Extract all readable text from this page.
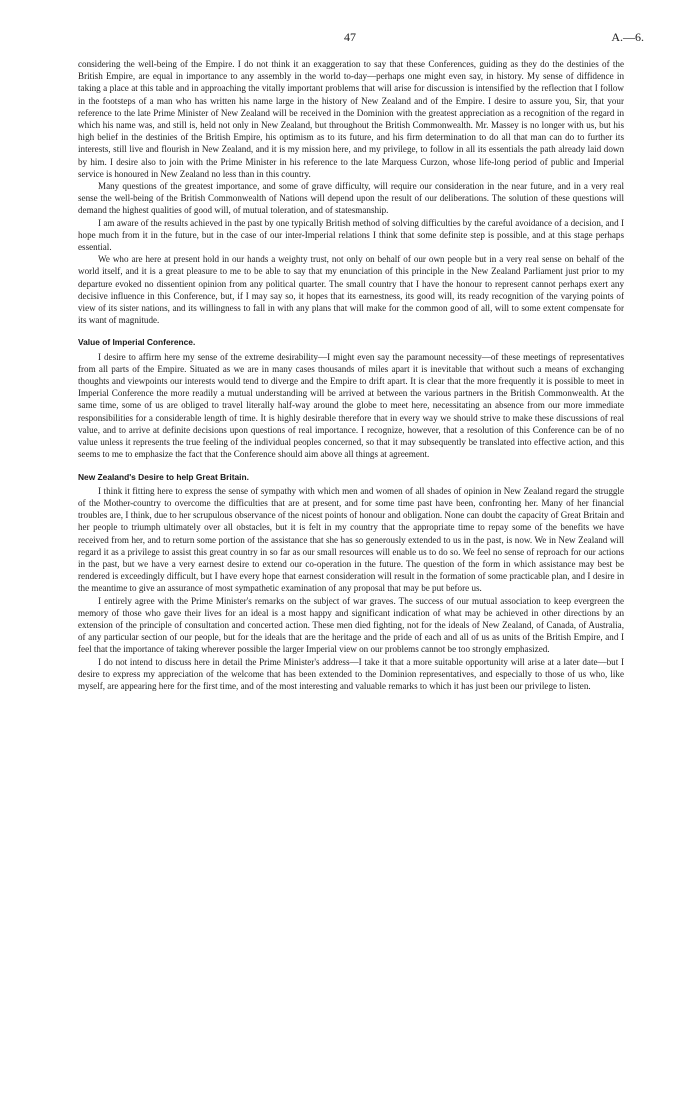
47	A.—6.

considering the well-being of the Empire. I do not think it an exaggeration to say that these Conferences, guiding as they do the destinies of the British Empire, are equal in importance to any assembly in the world to-day—perhaps one might even say, in history. My sense of diffidence in taking a place at this table and in approaching the vitally important problems that will arise for discussion is intensified by the reflection that I follow in the footsteps of a man who has written his name large in the history of New Zealand and of the Empire. I desire to assure you, Sir, that your reference to the late Prime Minister of New Zealand will be received in the Dominion with the greatest appreciation as a recognition of the regard in which his name was, and still is, held not only in New Zealand, but throughout the British Commonwealth. Mr. Massey is no longer with us, but his high belief in the destinies of the British Empire, his optimism as to its future, and his firm determination to do all that man can do to further its interests, still live and flourish in New Zealand, and it is my mission here, and my privilege, to follow in all its essentials the path already laid down by him. I desire also to join with the Prime Minister in his reference to the late Marquess Curzon, whose life-long period of public and Imperial service is honoured in New Zealand no less than in this country.

Many questions of the greatest importance, and some of grave difficulty, will require our consideration in the near future, and in a very real sense the well-being of the British Commonwealth of Nations will depend upon the result of our deliberations. The solution of these questions will demand the highest qualities of good will, of mutual toleration, and of statesmanship.

I am aware of the results achieved in the past by one typically British method of solving difficulties by the careful avoidance of a decision, and I hope much from it in the future, but in the case of our inter-Imperial relations I think that some definite step is possible, and at this stage perhaps essential.

We who are here at present hold in our hands a weighty trust, not only on behalf of our own people but in a very real sense on behalf of the world itself, and it is a great pleasure to me to be able to say that my enunciation of this principle in the New Zealand Parliament just prior to my departure evoked no dissentient opinion from any political quarter. The small country that I have the honour to represent cannot perhaps exert any decisive influence in this Conference, but, if I may say so, it hopes that its earnestness, its good will, its ready recognition of the varying points of view of its sister nations, and its willingness to fall in with any plans that will make for the common good of all, will to some extent compensate for its want of magnitude.

Value of Imperial Conference.

I desire to affirm here my sense of the extreme desirability—I might even say the paramount necessity—of these meetings of representatives from all parts of the Empire. Situated as we are in many cases thousands of miles apart it is inevitable that without such a means of exchanging thoughts and viewpoints our interests would tend to diverge and the Empire to drift apart. It is clear that the more frequently it is possible to meet in Imperial Conference the more readily a mutual understanding will be arrived at between the various partners in the British Commonwealth. At the same time, some of us are obliged to travel literally half-way around the globe to meet here, necessitating an absence from our more immediate responsibilities for a considerable length of time. It is highly desirable therefore that in every way we should strive to make these discussions of real value, and to arrive at definite decisions upon questions of real importance. I recognize, however, that a resolution of this Conference can be of no value unless it represents the true feeling of the individual peoples concerned, so that it may subsequently be translated into effective action, and this seems to me to emphasize the fact that the Conference should aim above all things at agreement.

New Zealand's Desire to help Great Britain.

I think it fitting here to express the sense of sympathy with which men and women of all shades of opinion in New Zealand regard the struggle of the Mother-country to overcome the difficulties that are at present, and for some time past have been, confronting her. Many of her financial troubles are, I think, due to her scrupulous observance of the nicest points of honour and obligation. None can doubt the capacity of Great Britain and her people to triumph ultimately over all obstacles, but it is felt in my country that the appropriate time to repay some of the benefits we have received from her, and to return some portion of the assistance that she has so generously extended to us in the past, is now. We in New Zealand will regard it as a privilege to assist this great country in so far as our small resources will enable us to do so. We feel no sense of reproach for our actions in the past, but we have a very earnest desire to extend our co-operation in the future. The question of the form in which assistance may best be rendered is exceedingly difficult, but I have every hope that earnest consideration will result in the formation of some practicable plan, and I desire in the meantime to give an assurance of most sympathetic examination of any proposal that may be put before us.

I entirely agree with the Prime Minister's remarks on the subject of war graves. The success of our mutual association to keep evergreen the memory of those who gave their lives for an ideal is a most happy and significant indication of what may be achieved in other directions by an extension of the principle of consultation and concerted action. These men died fighting, not for the ideals of New Zealand, of Canada, of Australia, of any particular section of our people, but for the ideals that are the heritage and the pride of each and all of us as units of the British Empire, and I feel that the importance of taking wherever possible the larger Imperial view on our problems cannot be too strongly emphasized.

I do not intend to discuss here in detail the Prime Minister's address—I take it that a more suitable opportunity will arise at a later date—but I desire to express my appreciation of the welcome that has been extended to the Dominion representatives, and especially to those of us who, like myself, are appearing here for the first time, and of the most interesting and valuable remarks to which it has just been our privilege to listen.
